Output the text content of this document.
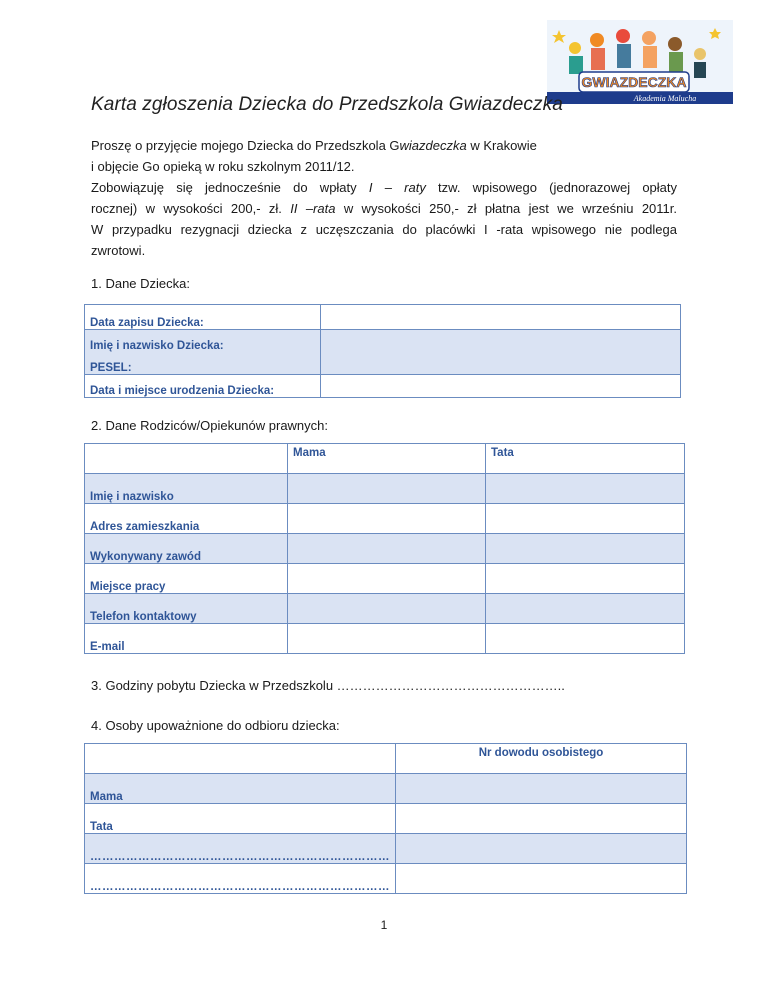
GWIAZDECZKA
Akademia Malucha
Karta zgłoszenia Dziecka do Przedszkola Gwiazdeczka

Proszę o przyjęcie mojego Dziecka do Przedszkola Gwiazdeczka w Krakowie

i objęcie Go opieką w roku szkolnym 2011/12.

Zobowiązuję się jednocześnie do wpłaty I – raty tzw. wpisowego (jednorazowej opłaty

rocznej) w wysokości 200,- zł. II –rata w wysokości 250,- zł płatna jest we wrześniu 2011r.

W przypadku rezygnacji dziecka z uczęszczania do placówki I -rata wpisowego nie podlega

zwrotowi.

1. Dane Dziecka:
Data zapisu Dziecka:	
Imię i nazwisko Dziecka:	
PESEL:	
Data i miejsce urodzenia Dziecka:	
2. Dane Rodziców/Opiekunów prawnych:
	Mama	Tata
Imię i nazwisko		
Adres zamieszkania		
Wykonywany zawód		
Miejsce pracy		
Telefon kontaktowy		
E-mail		
3. Godziny pobytu Dziecka w Przedszkolu ……………………………………………..
4. Osoby upoważnione do odbioru dziecka:
	Nr dowodu osobistego
Mama	
Tata	
…………………………………………………………………	
…………………………………………………………………	
1
